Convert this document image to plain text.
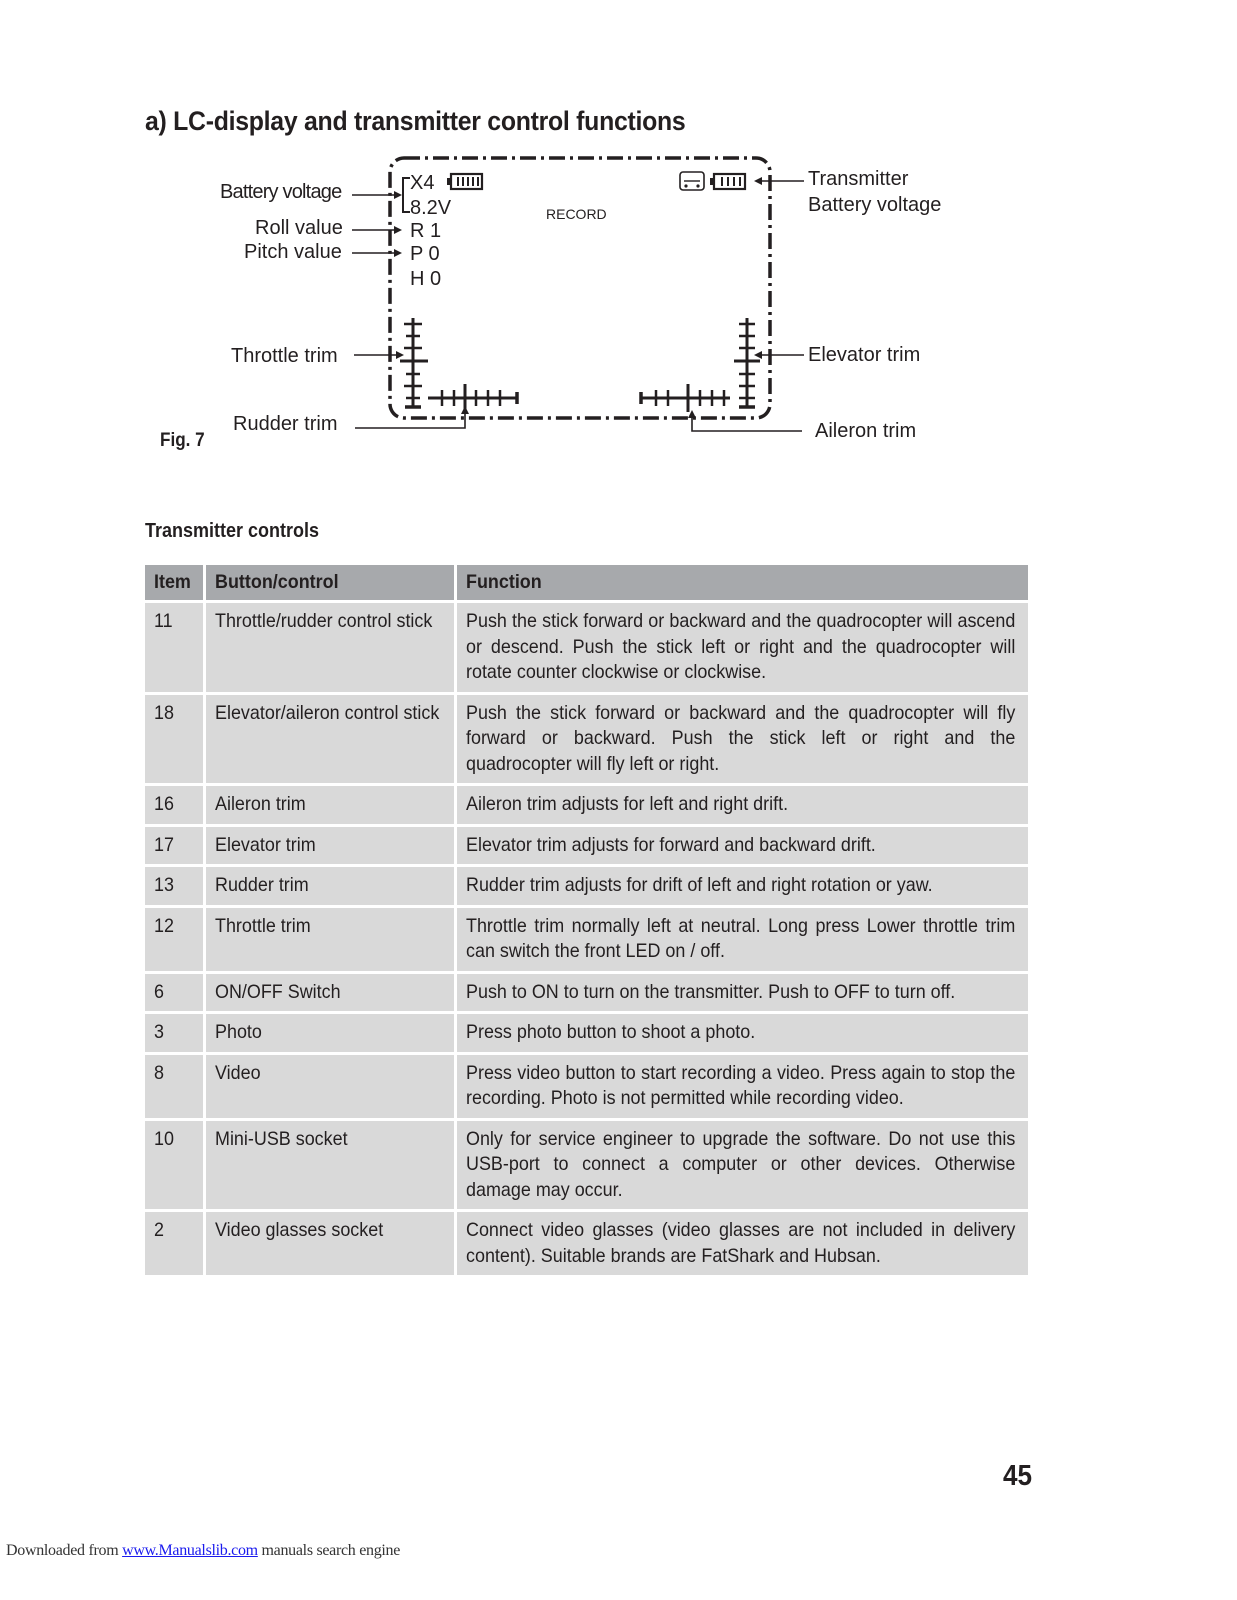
a) LC-display and transmitter control functions
X4
8.2V
R 1
P 0
H 0
RECORD
Battery voltage
Roll value
Pitch value
Throttle trim
Rudder trim
Transmitter
Battery voltage
Elevator trim
Aileron trim
Fig. 7
Transmitter controls
Item	Button/control	Function

11	Throttle/rudder control stick	Push the stick forward or backward and the quadrocopter will ascend or descend. Push the stick left or right and the quadrocopter will rotate counter clockwise or clockwise.

18	Elevator/aileron control stick	Push the stick forward or backward and the quadrocopter will fly forward or backward. Push the stick left or right and the quadrocopter will fly left or right.

16	Aileron trim	Aileron trim adjusts for left and right drift.

17	Elevator trim	Elevator trim adjusts for forward and backward drift.

13	Rudder trim	Rudder trim adjusts for drift of left and right rotation or yaw.

12	Throttle trim	Throttle trim normally left at neutral. Long press Lower throttle trim can switch the front LED on / off.

6	ON/OFF Switch	Push to ON to turn on the transmitter. Push to OFF to turn off.

3	Photo	Press photo button to shoot a photo.

8	Video	Press video button to start recording a video. Press again to stop the recording. Photo is not permitted while recording video.

10	Mini-USB socket	Only for service engineer to upgrade the software. Do not use this USB-port to connect a computer or other devices. Otherwise damage may occur.

2	Video glasses socket	Connect video glasses (video glasses are not included in delivery content). Suitable brands are FatShark and Hubsan.
45
Downloaded from www.Manualslib.com manuals search engine
